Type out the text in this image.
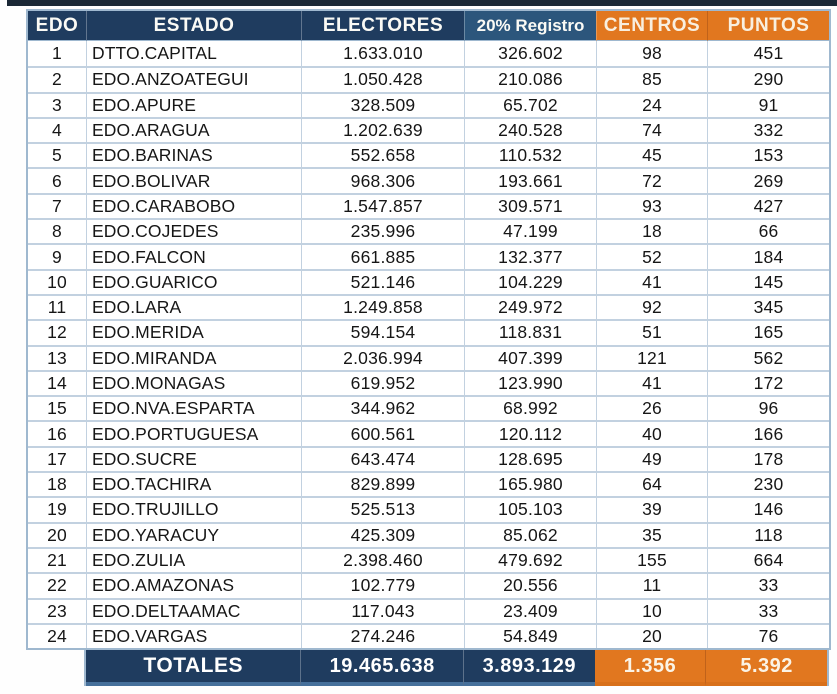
EDO	ESTADO	ELECTORES	20% Registro	CENTROS	PUNTOS
1	DTTO.CAPITAL	1.633.010	326.602	98	451
2	EDO.ANZOATEGUI	1.050.428	210.086	85	290
3	EDO.APURE	328.509	65.702	24	91
4	EDO.ARAGUA	1.202.639	240.528	74	332
5	EDO.BARINAS	552.658	110.532	45	153
6	EDO.BOLIVAR	968.306	193.661	72	269
7	EDO.CARABOBO	1.547.857	309.571	93	427
8	EDO.COJEDES	235.996	47.199	18	66
9	EDO.FALCON	661.885	132.377	52	184
10	EDO.GUARICO	521.146	104.229	41	145
11	EDO.LARA	1.249.858	249.972	92	345
12	EDO.MERIDA	594.154	118.831	51	165
13	EDO.MIRANDA	2.036.994	407.399	121	562
14	EDO.MONAGAS	619.952	123.990	41	172
15	EDO.NVA.ESPARTA	344.962	68.992	26	96
16	EDO.PORTUGUESA	600.561	120.112	40	166
17	EDO.SUCRE	643.474	128.695	49	178
18	EDO.TACHIRA	829.899	165.980	64	230
19	EDO.TRUJILLO	525.513	105.103	39	146
20	EDO.YARACUY	425.309	85.062	35	118
21	EDO.ZULIA	2.398.460	479.692	155	664
22	EDO.AMAZONAS	102.779	20.556	11	33
23	EDO.DELTAAMAC	117.043	23.409	10	33
24	EDO.VARGAS	274.246	54.849	20	76
TOTALES	19.465.638	3.893.129	1.356	5.392
